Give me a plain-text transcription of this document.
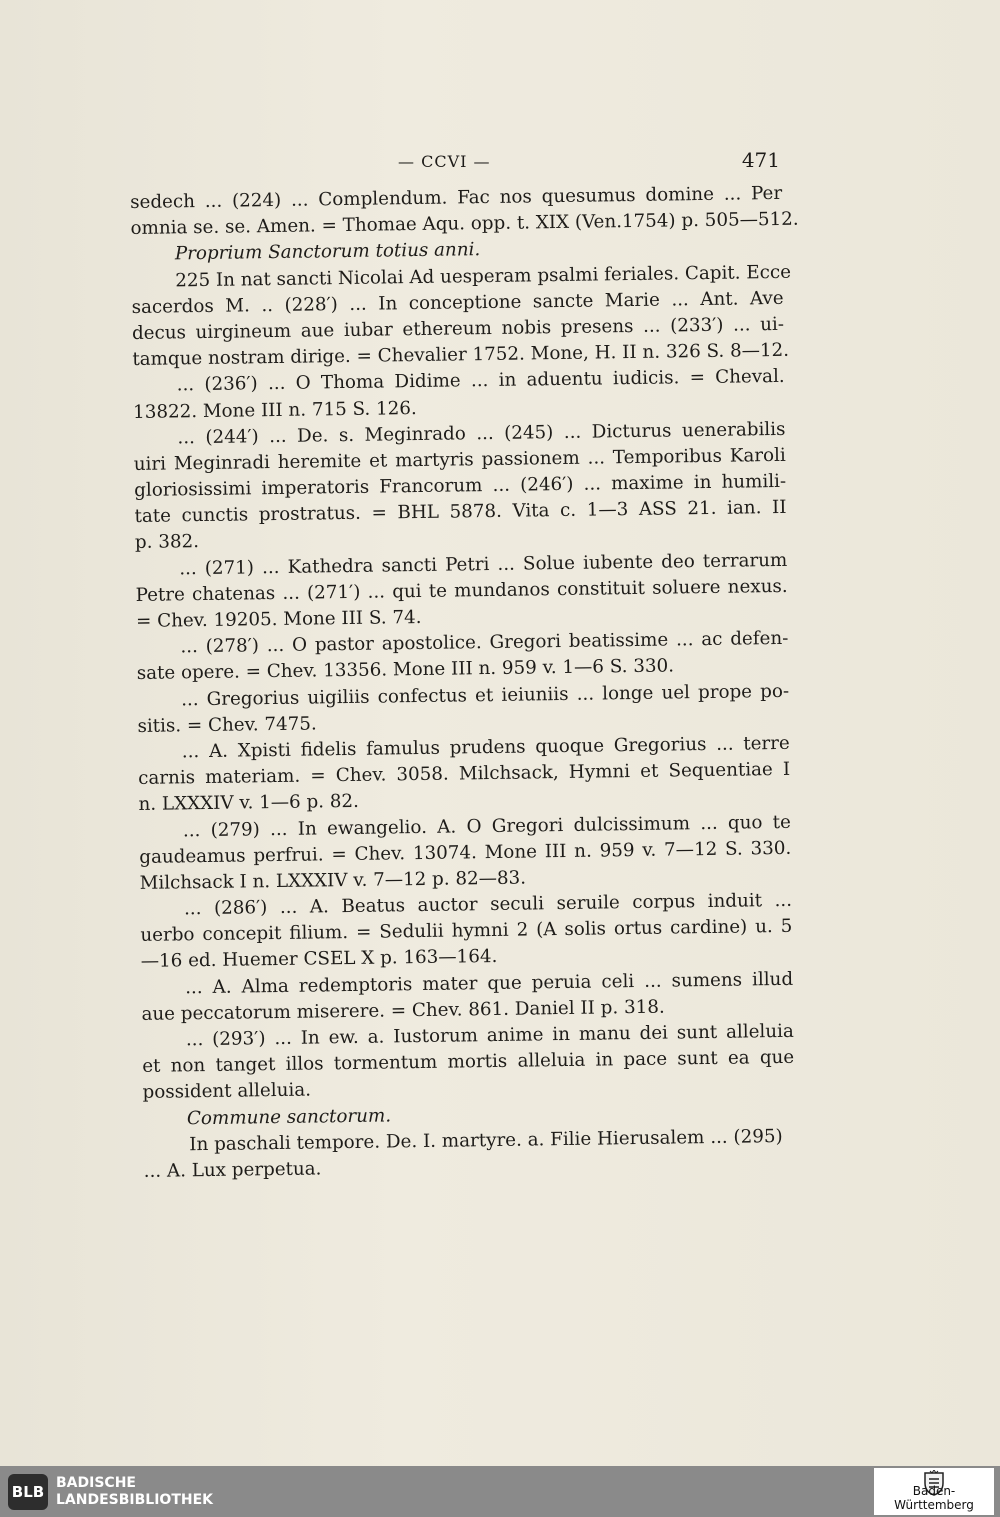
— CCVI —	471
sedech ... (224) ... Complendum. Fac nos quesumus domine ... Per
omnia se. se. Amen. = Thomae Aqu. opp. t. XIX (Ven.1754) p. 505—512.
Proprium Sanctorum totius anni.
225 In nat sancti Nicolai Ad uesperam psalmi feriales. Capit. Ecce
sacerdos M. .. (228′) ... In conceptione sancte Marie ... Ant. Ave
decus uirgineum aue iubar ethereum nobis presens ... (233′) ... ui-
tamque nostram dirige. = Chevalier 1752. Mone, H. II n. 326 S. 8—12.
... (236′) ... O Thoma Didime ... in aduentu iudicis. = Cheval.
13822. Mone III n. 715 S. 126.
... (244′) ... De. s. Meginrado ... (245) ... Dicturus uenerabilis
uiri Meginradi heremite et martyris passionem ... Temporibus Karoli
gloriosissimi imperatoris Francorum ... (246′) ... maxime in humili-
tate cunctis prostratus. = BHL 5878. Vita c. 1—3 ASS 21. ian. II
p. 382.
... (271) ... Kathedra sancti Petri ... Solue iubente deo terrarum
Petre chatenas ... (271′) ... qui te mundanos constituit soluere nexus.
= Chev. 19205. Mone III S. 74.
... (278′) ... O pastor apostolice. Gregori beatissime ... ac defen-
sate opere. = Chev. 13356. Mone III n. 959 v. 1—6 S. 330.
... Gregorius uigiliis confectus et ieiuniis ... longe uel prope po-
sitis. = Chev. 7475.
... A. Xpisti fidelis famulus prudens quoque Gregorius ... terre
carnis materiam. = Chev. 3058. Milchsack, Hymni et Sequentiae I
n. LXXXIV v. 1—6 p. 82.
... (279) ... In ewangelio. A. O Gregori dulcissimum ... quo te
gaudeamus perfrui. = Chev. 13074. Mone III n. 959 v. 7—12 S. 330.
Milchsack I n. LXXXIV v. 7—12 p. 82—83.
... (286′) ... A. Beatus auctor seculi seruile corpus induit ...
uerbo concepit filium. = Sedulii hymni 2 (A solis ortus cardine) u. 5
—16 ed. Huemer CSEL X p. 163—164.
... A. Alma redemptoris mater que peruia celi ... sumens illud
aue peccatorum miserere. = Chev. 861. Daniel II p. 318.
... (293′) ... In ew. a. Iustorum anime in manu dei sunt alleluia
et non tanget illos tormentum mortis alleluia in pace sunt ea que
possident alleluia.
Commune sanctorum.
In paschali tempore. De. I. martyre. a. Filie Hierusalem ... (295)
... A. Lux perpetua.
BLB BADISCHE
LANDESBIBLIOTHEK
Baden-Württemberg
